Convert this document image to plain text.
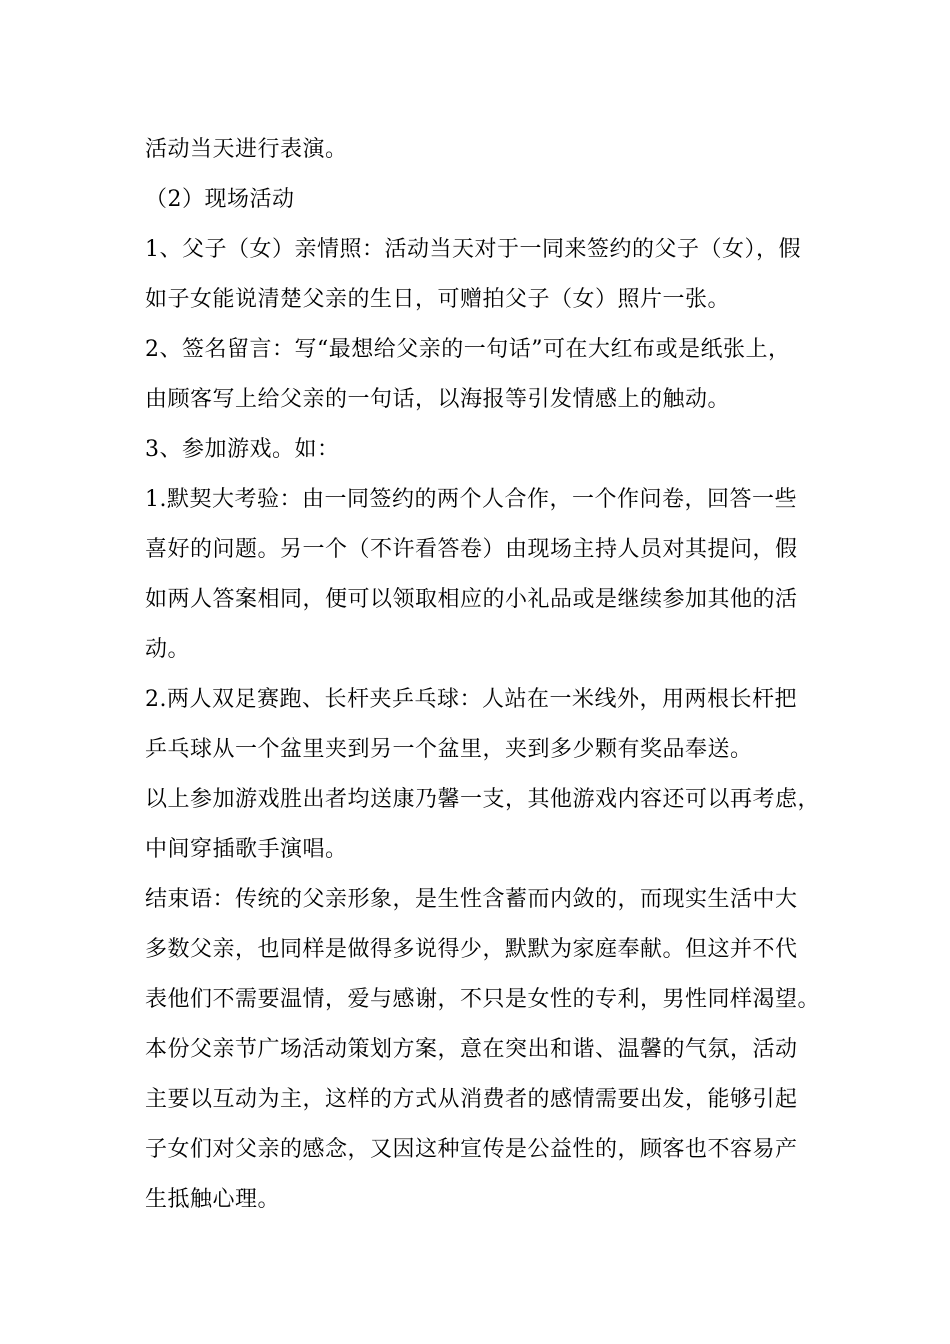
活动当天进行表演。
（2）现场活动
1、父子（女）亲情照：活动当天对于一同来签约的父子（女），假
如子女能说清楚父亲的生日，可赠拍父子（女）照片一张。
2、签名留言：写“最想给父亲的一句话”可在大红布或是纸张上，
由顾客写上给父亲的一句话，以海报等引发情感上的触动。
3、参加游戏。如：
1.默契大考验：由一同签约的两个人合作，一个作问卷，回答一些
喜好的问题。另一个（不许看答卷）由现场主持人员对其提问，假
如两人答案相同，便可以领取相应的小礼品或是继续参加其他的活
动。
2.两人双足赛跑、长杆夹乒乓球：人站在一米线外，用两根长杆把
乒乓球从一个盆里夹到另一个盆里，夹到多少颗有奖品奉送。
以上参加游戏胜出者均送康乃馨一支，其他游戏内容还可以再考虑，
中间穿插歌手演唱。
结束语：传统的父亲形象，是生性含蓄而内敛的，而现实生活中大
多数父亲，也同样是做得多说得少，默默为家庭奉献。但这并不代
表他们不需要温情，爱与感谢，不只是女性的专利，男性同样渴望。
本份父亲节广场活动策划方案，意在突出和谐、温馨的气氛，活动
主要以互动为主，这样的方式从消费者的感情需要出发，能够引起
子女们对父亲的感念，又因这种宣传是公益性的，顾客也不容易产
生抵触心理。
